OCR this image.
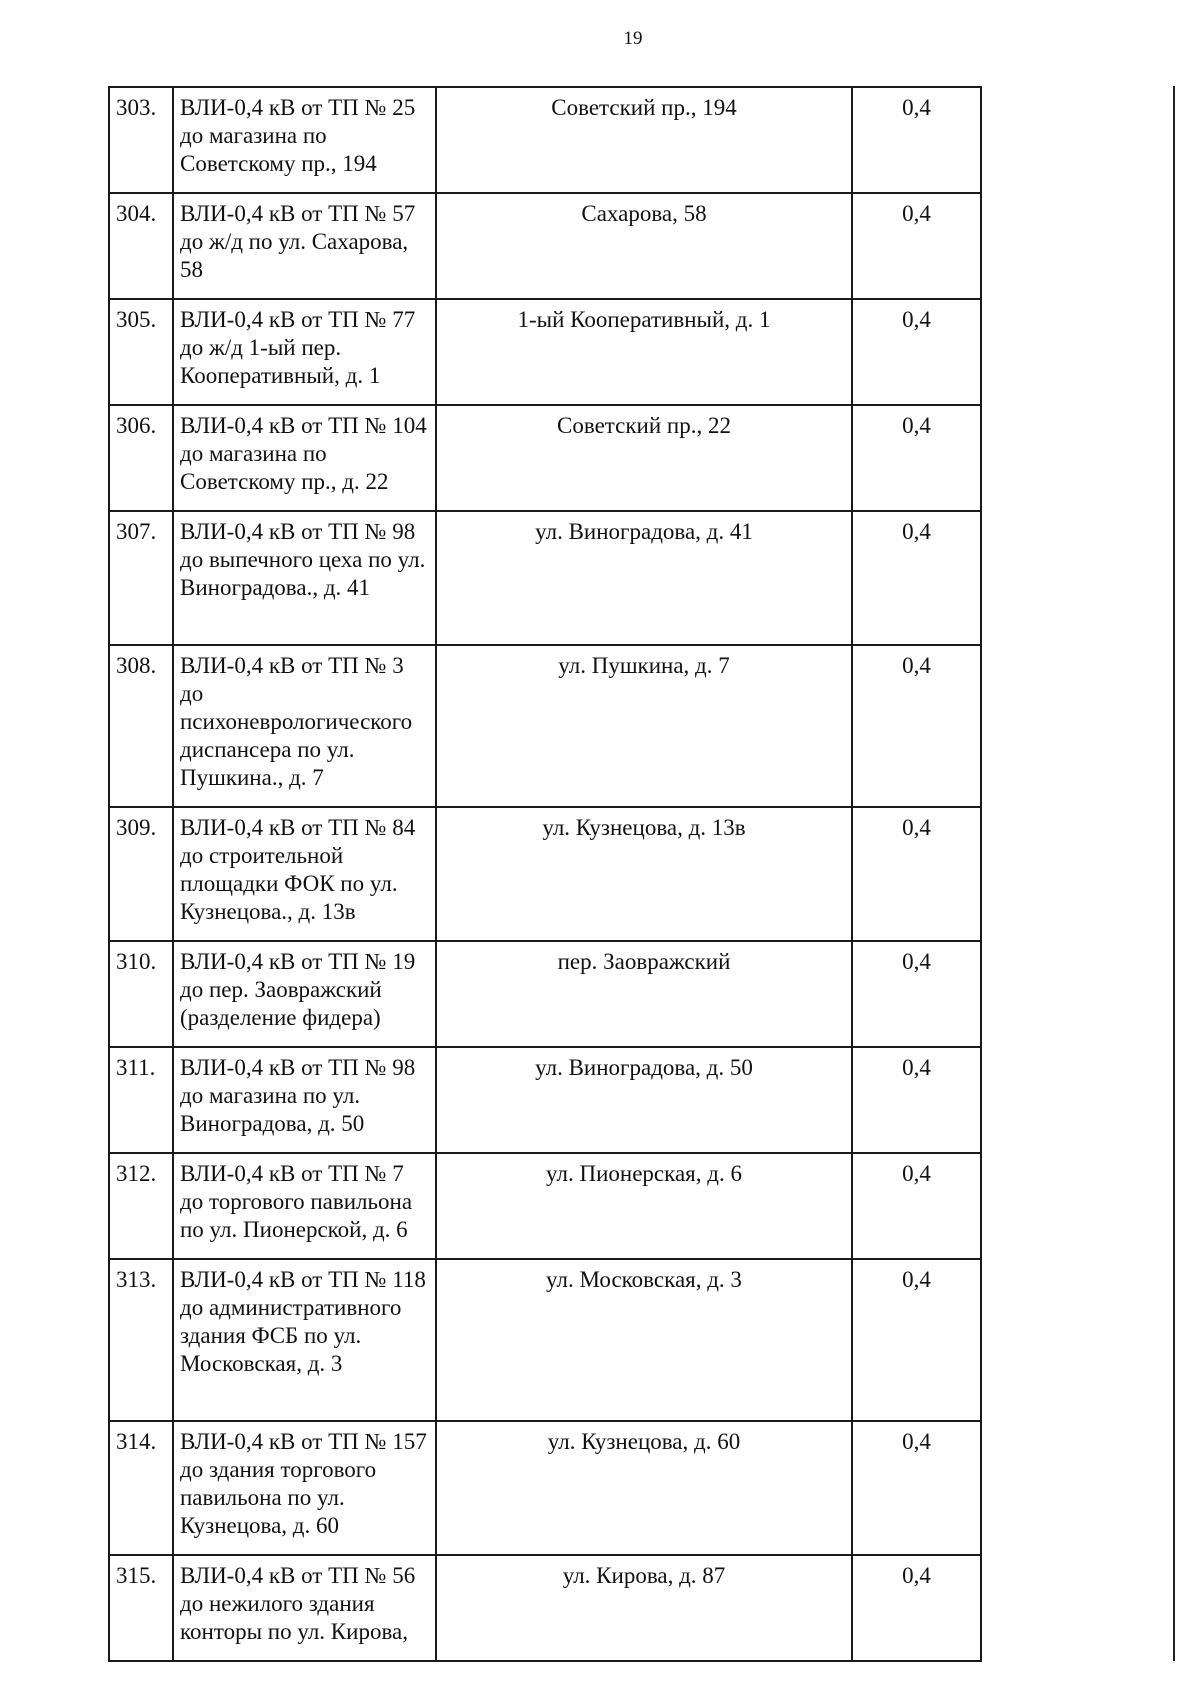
19
303.	ВЛИ-0,4 кВ от ТП № 25 до магазина по Советскому пр., 194	Советский пр., 194	0,4
304.	ВЛИ-0,4 кВ от ТП № 57 до ж/д по ул. Сахарова, 58	Сахарова, 58	0,4
305.	ВЛИ-0,4 кВ от ТП № 77 до ж/д 1-ый пер. Кооперативный, д. 1	1-ый Кооперативный, д. 1	0,4
306.	ВЛИ-0,4 кВ от ТП № 104 до магазина по Советскому пр., д. 22	Советский пр., 22	0,4
307.	ВЛИ-0,4 кВ от ТП № 98 до выпечного цеха по ул. Виноградова., д. 41	ул. Виноградова, д. 41	0,4
308.	ВЛИ-0,4 кВ от ТП № 3 до психоневрологического диспансера по ул. Пушкина., д. 7	ул. Пушкина, д. 7	0,4
309.	ВЛИ-0,4 кВ от ТП № 84 до строительной площадки ФОК по ул. Кузнецова., д. 13в	ул. Кузнецова, д. 13в	0,4
310.	ВЛИ-0,4 кВ от ТП № 19 до пер. Заовражский (разделение фидера)	пер. Заовражский	0,4
311.	ВЛИ-0,4 кВ от ТП № 98 до магазина по ул. Виноградова, д. 50	ул. Виноградова, д. 50	0,4
312.	ВЛИ-0,4 кВ от ТП № 7 до торгового павильона по ул. Пионерской, д. 6	ул. Пионерская, д. 6	0,4
313.	ВЛИ-0,4 кВ от ТП № 118 до административного здания ФСБ по ул. Московская, д. 3	ул. Московская, д. 3	0,4
314.	ВЛИ-0,4 кВ от ТП № 157 до здания торгового павильона по ул. Кузнецова, д. 60	ул. Кузнецова, д. 60	0,4
315.	ВЛИ-0,4 кВ от ТП № 56 до нежилого здания конторы по ул. Кирова,	ул. Кирова, д. 87	0,4
